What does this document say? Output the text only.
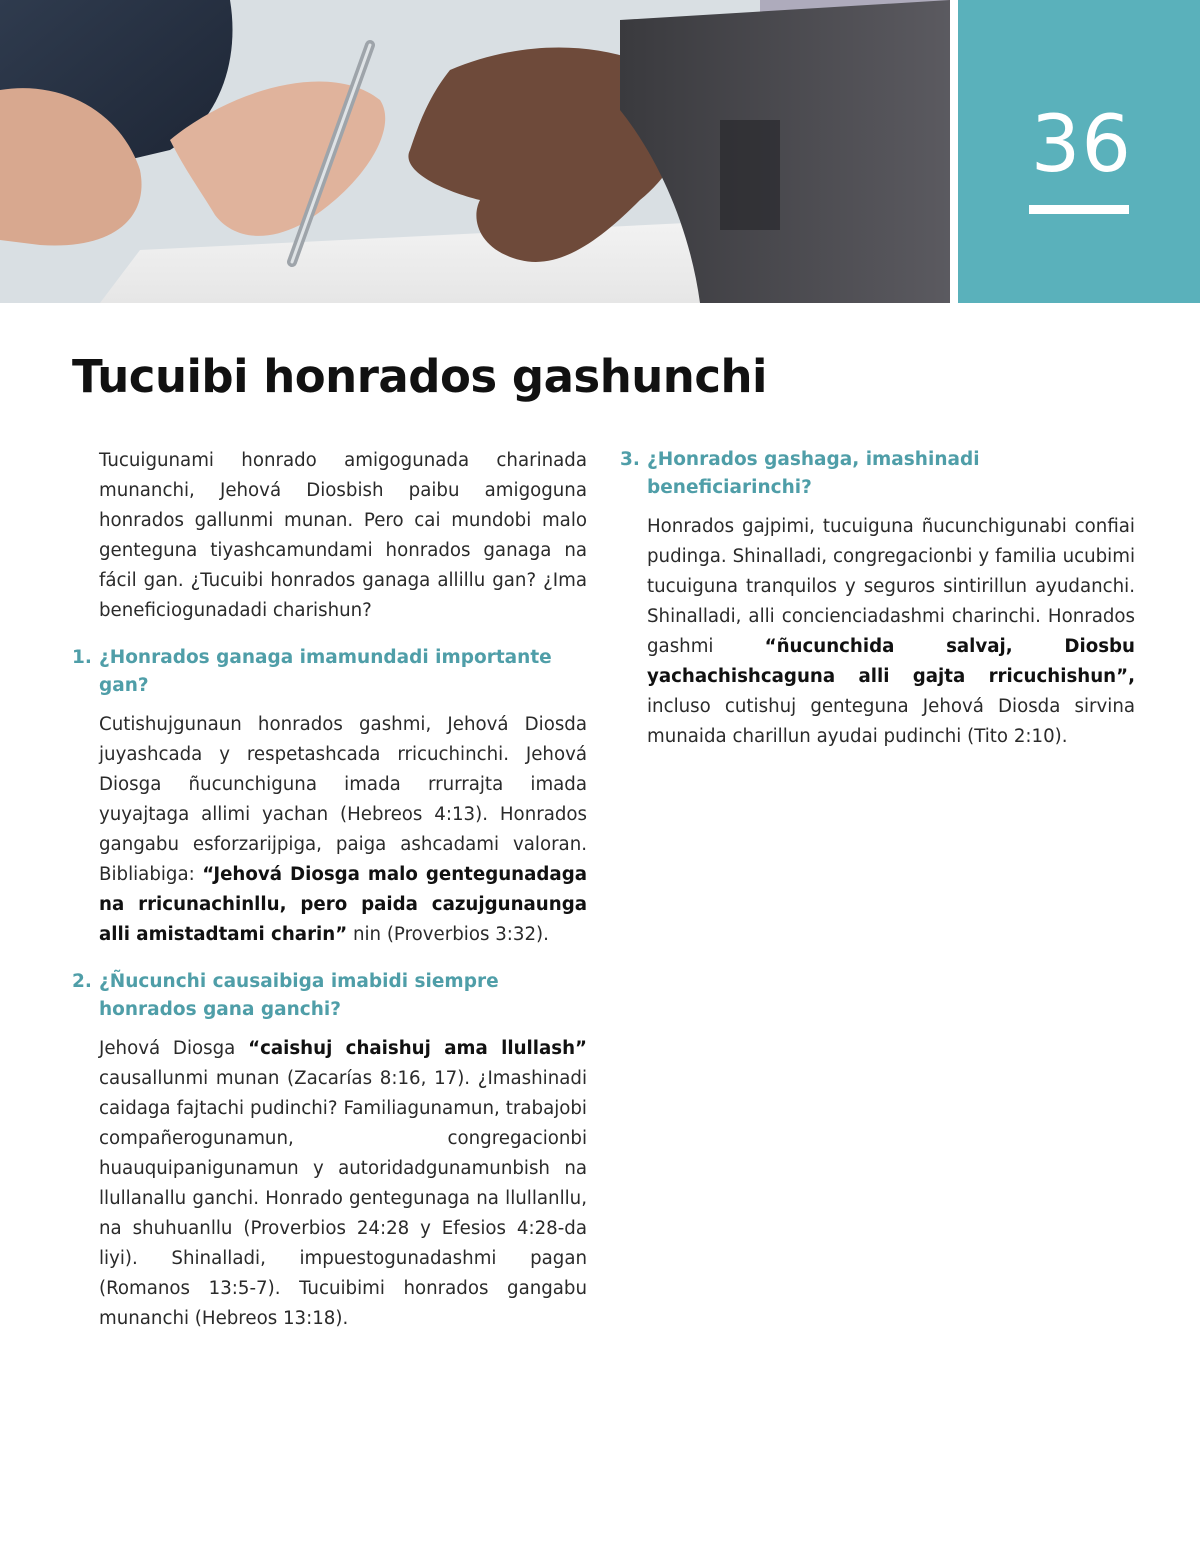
36
Tucuibi honrados gashunchi

Tucuigunami honrado amigogunada charinada munanchi, Jehová Diosbish paibu amigoguna honrados gallunmi munan. Pero cai mundobi malo genteguna tiyashcamundami honrados ganaga na fácil gan. ¿Tucuibi honrados ganaga allillu gan? ¿Ima beneficiogunadadi charishun?

1. ¿Honrados ganaga imamundadi importante gan?

Cutishujgunaun honrados gashmi, Jehová Diosda juyashcada y respetashcada rricuchinchi. Jehová Diosga ñucunchiguna imada rrurrajta imada yuyajtaga allimi yachan (Hebreos 4:13). Honrados gangabu esforzarijpiga, paiga ashcadami valoran. Bibliabiga: “Jehová Diosga malo gentegunadaga na rricunachinllu, pero paida cazujgunaunga alli amistadtami charin” nin (Proverbios 3:32).

2. ¿Ñucunchi causaibiga imabidi siempre honrados gana ganchi?

Jehová Diosga “caishuj chaishuj ama llullash” causallunmi munan (Zacarías 8:16, 17). ¿Imashinadi caidaga fajtachi pudinchi? Familiagunamun, trabajobi compañerogunamun, congregacionbi huauquipanigunamun y autoridadgunamunbish na llullanallu ganchi. Honrado gentegunaga na llullanllu, na shuhuanllu (Proverbios 24:28 y Efesios 4:28-da liyi). Shinalladi, impuestogunadashmi pagan (Romanos 13:5-7). Tucuibimi honrados gangabu munanchi (Hebreos 13:18).

3. ¿Honrados gashaga, imashinadi beneficiarinchi?

Honrados gajpimi, tucuiguna ñucunchigunabi confiai pudinga. Shinalladi, congregacionbi y familia ucubimi tucuiguna tranquilos y seguros sintirillun ayudanchi. Shinalladi, alli concienciadashmi charinchi. Honrados gashmi “ñucunchida salvaj, Diosbu yachachishcaguna alli gajta rricuchishun”, incluso cutishuj genteguna Jehová Diosda sirvina munaida charillun ayudai pudinchi (Tito 2:10).
